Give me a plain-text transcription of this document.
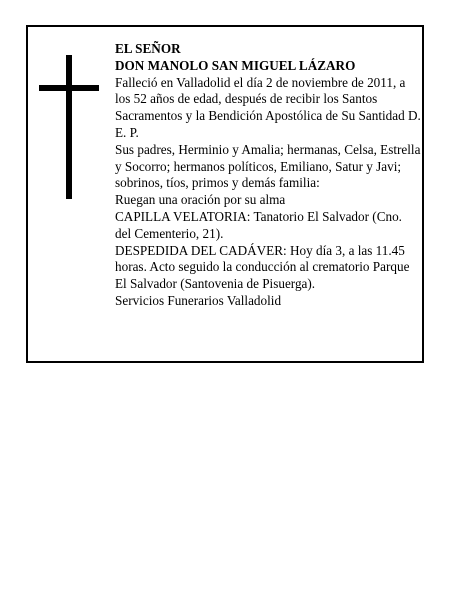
EL SEÑOR

DON MANOLO SAN MIGUEL LÁZARO

Falleció en Valladolid el día 2 de noviembre de 2011, a los 52 años de edad, después de recibir los Santos Sacramentos y la Bendición Apostólica de Su Santidad D. E. P.

Sus padres, Herminio y Amalia; hermanas, Celsa, Estrella y Socorro; hermanos políticos, Emiliano, Satur y Javi; sobrinos, tíos, primos y demás familia:

Ruegan una oración por su alma

CAPILLA VELATORIA: Tanatorio El Salvador (Cno. del Cementerio, 21).

DESPEDIDA DEL CADÁVER: Hoy día 3, a las 11.45 horas. Acto seguido la conducción al crematorio Parque El Salvador (Santovenia de Pisuerga).

Servicios Funerarios Valladolid
